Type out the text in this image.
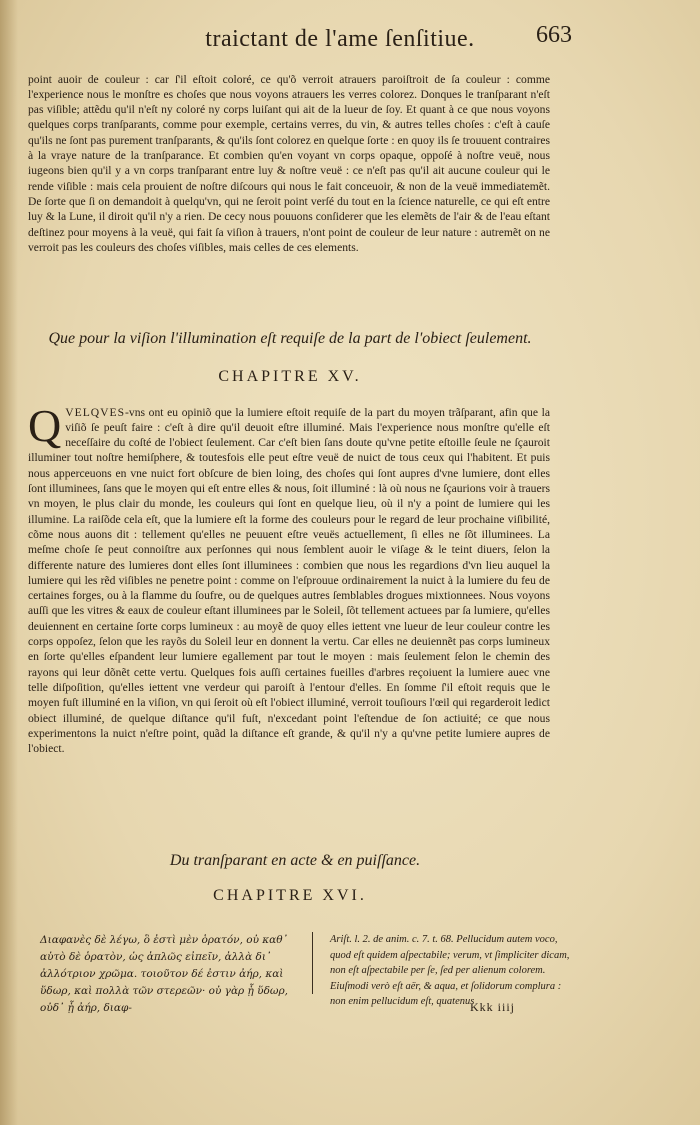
traictant de l'ame ſenſitiue.	663

point auoir de couleur : car ſ'il eſtoit coloré, ce qu'õ verroit atrauers paroiſtroit de ſa couleur : comme l'experience nous le monſtre es choſes que nous voyons atrauers les verres colorez. Donques le tranſparant n'eſt pas viſible; attẽdu qu'il n'eſt ny coloré ny corps luiſant qui ait de la lueur de ſoy. Et quant à ce que nous voyons quelques corps tranſparants, comme pour exemple, certains verres, du vin, & autres telles choſes : c'eſt à cauſe qu'ils ne ſont pas purement tranſparants, & qu'ils ſont colorez en quelque ſorte : en quoy ils ſe trouuent contraires à la vraye nature de la tranſparance. Et combien qu'en voyant vn corps opaque, oppoſé à noſtre veuë, nous iugeons bien qu'il y a vn corps tranſparant entre luy & noſtre veuë : ce n'eſt pas qu'il ait aucune couleur qui le rende viſible : mais cela prouient de noſtre diſcours qui nous le fait conceuoir, & non de la veuë immediatemẽt. De ſorte que ſi on demandoit à quelqu'vn, qui ne ſeroit point verſé du tout en la ſcience naturelle, ce qui eſt entre luy & la Lune, il diroit qu'il n'y a rien. De cecy nous pouuons conſiderer que les elemẽts de l'air & de l'eau eſtant deſtinez pour moyens à la veuë, qui fait ſa viſion à trauers, n'ont point de couleur de leur nature : autremẽt on ne verroit pas les couleurs des choſes viſibles, mais celles de ces elements.

Que pour la viſion l'illumination eſt requiſe de la part de l'obiect ſeulement.
CHAPITRE XV.

QVELQVES-vns ont eu opiniõ que la lumiere eſtoit requiſe de la part du moyen trãſparant, afin que la viſiõ ſe peuſt faire : c'eſt à dire qu'il deuoit eſtre illuminé. Mais l'experience nous monſtre qu'elle eſt neceſſaire du coſté de l'obiect ſeulement. Car c'eſt bien ſans doute qu'vne petite eſtoille ſeule ne ſçauroit illuminer tout noſtre hemiſphere, & toutesfois elle peut eſtre veuë de nuict de tous ceux qui l'habitent. Et puis nous apperceuons en vne nuict fort obſcure de bien loing, des choſes qui ſont aupres d'vne lumiere, dont elles ſont illuminees, ſans que le moyen qui eſt entre elles & nous, ſoit illuminé : là où nous ne ſçaurions voir à trauers vn moyen, le plus clair du monde, les couleurs qui ſont en quelque lieu, où il n'y a point de lumiere qui les illumine. La raiſõde cela eſt, que la lumiere eſt la forme des couleurs pour le regard de leur prochaine viſibilité, cõme nous auons dit : tellement qu'elles ne peuuent eſtre veuës actuellement, ſi elles ne ſõt illuminees. La meſme choſe ſe peut connoiſtre aux perſonnes qui nous ſemblent auoir le viſage & le teint diuers, ſelon la differente nature des lumieres dont elles ſont illuminees : combien que nous les regardions d'vn lieu auquel la lumiere qui les rẽd viſibles ne penetre point : comme on l'eſprouue ordinairement la nuict à la lumiere du feu de certaines forges, ou à la flamme du ſoufre, ou de quelques autres ſemblables drogues mixtionnees. Nous voyons auſſi que les vitres & eaux de couleur eſtant illuminees par le Soleil, ſõt tellement actuees par ſa lumiere, qu'elles deuiennent en certaine ſorte corps lumineux : au moyẽ de quoy elles iettent vne lueur de leur couleur contre les corps oppoſez, ſelon que les rayõs du Soleil leur en donnent la vertu. Car elles ne deuiennẽt pas corps lumineux en ſorte qu'elles eſpandent leur lumiere egallement par tout le moyen : mais ſeulement ſelon le chemin des rayons qui leur dõnẽt cette vertu. Quelques fois auſſi certaines fueilles d'arbres reçoiuent la lumiere auec vne telle diſpoſition, qu'elles iettent vne verdeur qui paroiſt à l'entour d'elles. En ſomme ſ'il eſtoit requis que le moyen fuſt illuminé en la viſion, vn qui ſeroit où eſt l'obiect illuminé, verroit touſiours l'œil qui regarderoit ledict obiect illuminé, de quelque diſtance qu'il fuſt, n'excedant point l'eſtendue de ſon actiuité; ce que nous experimentons la nuict n'eſtre point, quãd la diſtance eſt grande, & qu'il n'y a qu'vne petite lumiere aupres de l'obiect.

Du tranſparant en acte & en puiſſance.
CHAPITRE XVI.
Διαφανὲς δὲ λέγω, ὃ ἐστὶ μὲν ὁρατόν, οὐ καθ᾽ αὑτὸ δὲ ὁρατὸν, ὡς ἁπλῶς εἰπεῖν, ἀλλὰ δι᾽ ἀλλότριον χρῶμα. τοιοῦτον δέ ἐστιν ἀήρ, καὶ ὕδωρ, καὶ πολλὰ τῶν στερεῶν· οὐ γὰρ ᾗ ὕδωρ, οὐδ᾽ ᾗ ἀήρ, διαφ-
Ariſt. l. 2. de anim. c. 7. t. 68. Pellucidum autem voco, quod eſt quidem aſpectabile; verum, vt ſimpliciter dicam, non eſt aſpectabile per ſe, ſed per alienum colorem. Eiuſmodi verò eſt aër, & aqua, et ſolidorum complura : non enim pellucidum eſt, quatenus
Kkk iiij
